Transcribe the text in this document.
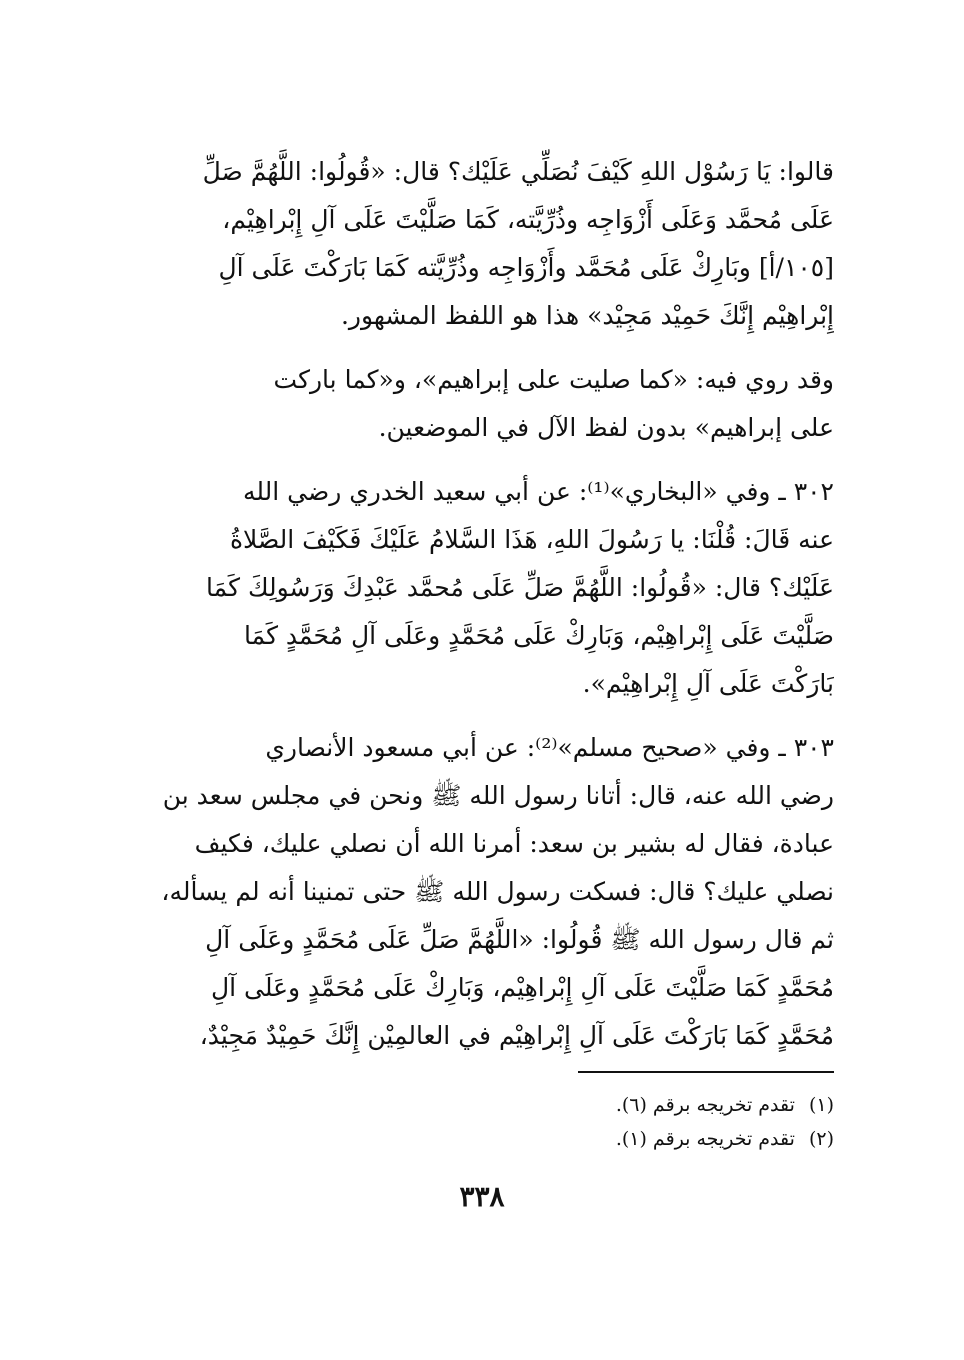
قالوا: يَا رَسُوْل اللهِ كَيْفَ نُصَلِّي عَلَيْك؟ قال: «قُولُوا: اللَّهُمَّ صَلِّ
عَلَى مُحمَّد وَعَلَى أَزْوَاجِه وذُرِّيَّته، كَمَا صَلَّيْتَ عَلَى آلِ إِبْراهِيْم،
[١٠٥/أ] وبَارِكْ عَلَى مُحَمَّد وأَزْوَاجِه وذُرِّيَّته كَمَا بَارَكْتَ عَلَى آلِ
إِبْراهِيْم إِنَّكَ حَمِيْد مَجِيْد» هذا هو اللفظ المشهور.
وقد روي فيه: «كما صليت على إبراهيم»، و«كما باركت
على إبراهيم» بدون لفظ الآل في الموضعين.
٣٠٢ ـ وفي «البخاري»⁽¹⁾: عن أبي سعيد الخدري رضي الله
عنه قَالَ: قُلْنَا: يا رَسُولَ اللهِ، هَذَا السَّلامُ عَلَيْكَ فَكَيْفَ الصَّلاةُ
عَلَيْك؟ قال: «قُولُوا: اللَّهُمَّ صَلِّ عَلَى مُحمَّد عَبْدِكَ وَرَسُولِكَ كَمَا
صَلَّيْتَ عَلَى إِبْراهِيْم، وَبَارِكْ عَلَى مُحَمَّدٍ وعَلَى آلِ مُحَمَّدٍ كَمَا
بَارَكْتَ عَلَى آلِ إِبْراهِيْم».
٣٠٣ ـ وفي «صحيح مسلم»⁽²⁾: عن أبي مسعود الأنصاري
رضي الله عنه، قال: أتانا رسول الله ﷺ ونحن في مجلس سعد بن
عبادة، فقال له بشير بن سعد: أمرنا الله أن نصلي عليك، فكيف
نصلي عليك؟ قال: فسكت رسول الله ﷺ حتى تمنينا أنه لم يسأله،
ثم قال رسول الله ﷺ قُولُوا: «اللَّهُمَّ صَلِّ عَلَى مُحَمَّدٍ وعَلَى آلِ
مُحَمَّدٍ كَمَا صَلَّيْتَ عَلَى آلِ إِبْراهِيْم، وَبَارِكْ عَلَى مُحَمَّدٍ وعَلَى آلِ
مُحَمَّدٍ كَمَا بَارَكْتَ عَلَى آلِ إِبْراهِيْم في العالمِيْن إِنَّكَ حَمِيْدٌ مَجِيْدٌ،
(١)تقدم تخريجه برقم (٦).
(٢)تقدم تخريجه برقم (١).
٣٣٨
